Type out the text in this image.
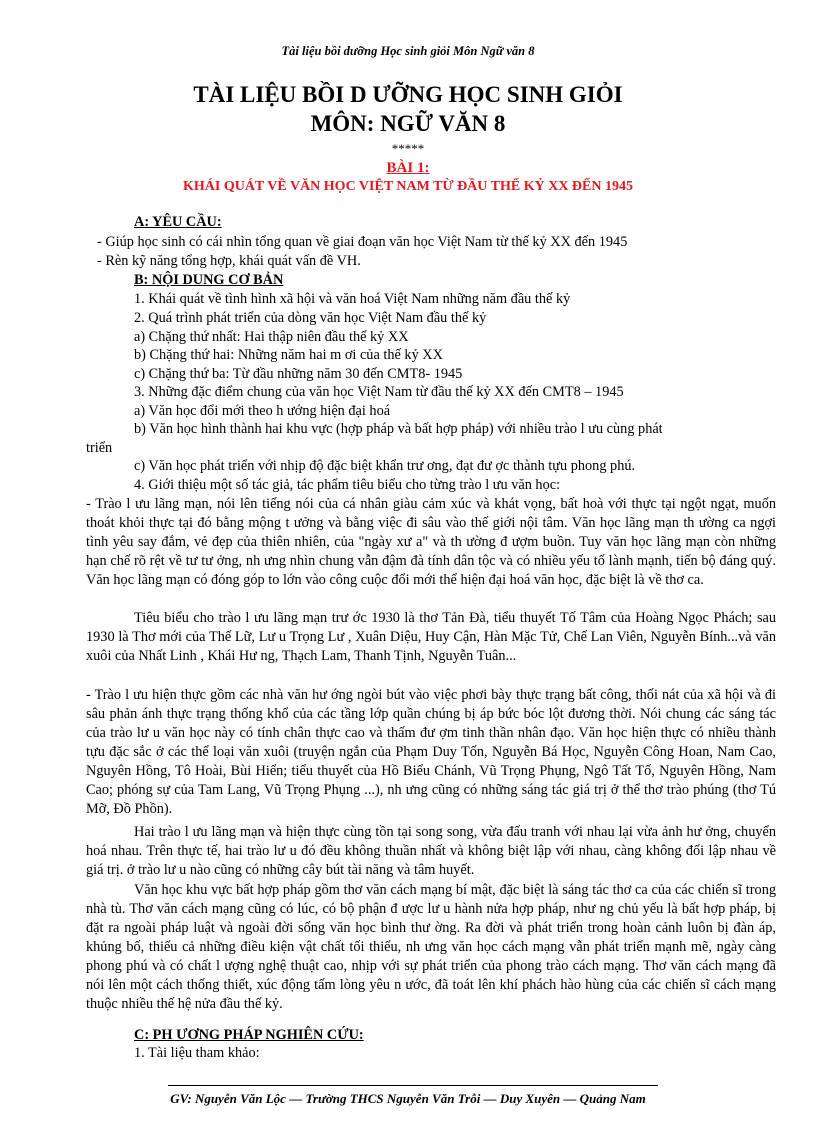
Tài liệu bồi dưỡng Học sinh giỏi Môn Ngữ văn 8
TÀI LIỆU BỒI D ƯỠNG HỌC SINH GIỎI
MÔN: NGỮ VĂN 8
*****
BÀI 1:
KHÁI QUÁT VỀ VĂN HỌC VIỆT NAM TỪ ĐẦU THẾ KỶ XX ĐẾN 1945
A: YÊU CẦU:
- Giúp học sinh có cái nhìn tổng quan về giai đoạn văn học Việt Nam từ thế kỷ XX đến 1945
- Rèn kỹ năng tổng hợp, khái quát vấn đề VH.
B: NỘI DUNG CƠ BẢN
1. Khái quát về tình hình xã hội và văn hoá Việt Nam những năm đầu thế kỷ
2. Quá trình phát triển của dòng văn học Việt Nam đầu thế kỷ
a) Chặng thứ nhất: Hai thập niên đầu thế kỷ XX
b) Chặng thứ hai: Những năm hai m ơi của thế kỷ XX
c) Chặng thứ ba: Từ đầu những năm 30 đến CMT8- 1945
3. Những đặc điểm chung của văn học Việt Nam từ đầu thế kỷ XX đến CMT8 – 1945
a) Văn học đổi mới theo h ướng hiện đại hoá
b) Văn học hình thành hai khu vực (hợp pháp và bất hợp pháp) với nhiều trào l ưu cùng phát
triển
c) Văn học phát triển với nhịp độ đặc biệt khẩn trư ơng, đạt đư ợc thành tựu phong phú.
4. Giới thiệu một số tác giả, tác phẩm tiêu biểu cho từng trào l ưu văn học:
- Trào l ưu lãng mạn, nói lên tiếng nói của cá nhân giàu cảm xúc và khát vọng, bất hoà với thực tại ngột ngạt, muốn thoát khỏi thực tại đó bằng mộng t ưởng và bằng việc đi sâu vào thế giới nội tâm. Văn học lãng mạn th ường ca ngợi tình yêu say đắm, vẻ đẹp của thiên nhiên, của "ngày xư a" và th ường đ ượm buồn. Tuy văn học lãng mạn còn những hạn chế rõ rệt về tư tư ởng, nh ưng nhìn chung vẫn đậm đà tính dân tộc và có nhiều yếu tố lành mạnh, tiến bộ đáng quý. Văn học lãng mạn có đóng góp to lớn vào công cuộc đổi mới thể hiện đại hoá văn học, đặc biệt là về thơ ca.
Tiêu biểu cho trào l ưu lãng mạn trư ớc 1930 là thơ Tản Đà, tiểu thuyết Tố Tâm của Hoàng Ngọc Phách; sau 1930 là Thơ mới của Thế Lữ, Lư u Trọng Lư , Xuân Diệu, Huy Cận, Hàn Mặc Tử, Chế Lan Viên, Nguyễn Bính...và văn xuôi của Nhất Linh , Khái Hư ng, Thạch Lam, Thanh Tịnh, Nguyễn Tuân...
- Trào l ưu hiện thực gồm các nhà văn hư ớng ngòi bút vào việc phơi bày thực trạng bất công, thối nát của xã hội và đi sâu phản ánh thực trạng thống khổ của các tầng lớp quần chúng bị áp bức bóc lột đương thời. Nói chung các sáng tác của trào lư u văn học này có tính chân thực cao và thấm đư ợm tinh thần nhân đạo. Văn học hiện thực có nhiều thành tựu đặc sắc ở các thể loại văn xuôi (truyện ngắn của Phạm Duy Tốn, Nguyễn Bá Học, Nguyễn Công Hoan, Nam Cao, Nguyên Hồng, Tô Hoài, Bùi Hiển; tiểu thuyết của Hồ Biểu Chánh, Vũ Trọng Phụng, Ngô Tất Tố, Nguyên Hồng, Nam Cao; phóng sự của Tam Lang, Vũ Trọng Phụng ...), nh ưng cũng có những sáng tác giá trị ở thể thơ trào phúng (thơ Tú Mỡ, Đồ Phồn).
Hai trào l ưu lãng mạn và hiện thực cùng tồn tại song song, vừa đấu tranh với nhau lại vừa ảnh hư ởng, chuyển hoá nhau. Trên thực tế, hai trào lư u đó đều không thuần nhất và không biệt lập với nhau, càng không đối lập nhau về giá trị. ở trào lư u nào cũng có những cây bút tài năng và tâm huyết.
Văn học khu vực bất hợp pháp gồm thơ văn cách mạng bí mật, đặc biệt là sáng tác thơ ca của các chiến sĩ trong nhà tù. Thơ văn cách mạng cũng có lúc, có bộ phận đ ược lư u hành nửa hợp pháp, như ng chủ yếu là bất hợp pháp, bị đặt ra ngoài pháp luật và ngoài đời sống văn học bình thư ờng. Ra đời và phát triển trong hoàn cảnh luôn bị đàn áp, khủng bố, thiếu cả những điều kiện vật chất tối thiểu, nh ưng văn học cách mạng vẫn phát triển mạnh mẽ, ngày càng phong phú và có chất l ượng nghệ thuật cao, nhịp với sự phát triển của phong trào cách mạng. Thơ văn cách mạng đã nói lên một cách thống thiết, xúc động tấm lòng yêu n ước, đã toát lên khí phách hào hùng của các chiến sĩ cách mạng thuộc nhiều thế hệ nửa đầu thế kỷ.
C: PH ƯƠNG PHÁP NGHIÊN CỨU:
1. Tài liệu tham khảo:
GV: Nguyễn Văn Lộc — Trường THCS Nguyễn Văn Trỗi — Duy Xuyên — Quảng Nam
